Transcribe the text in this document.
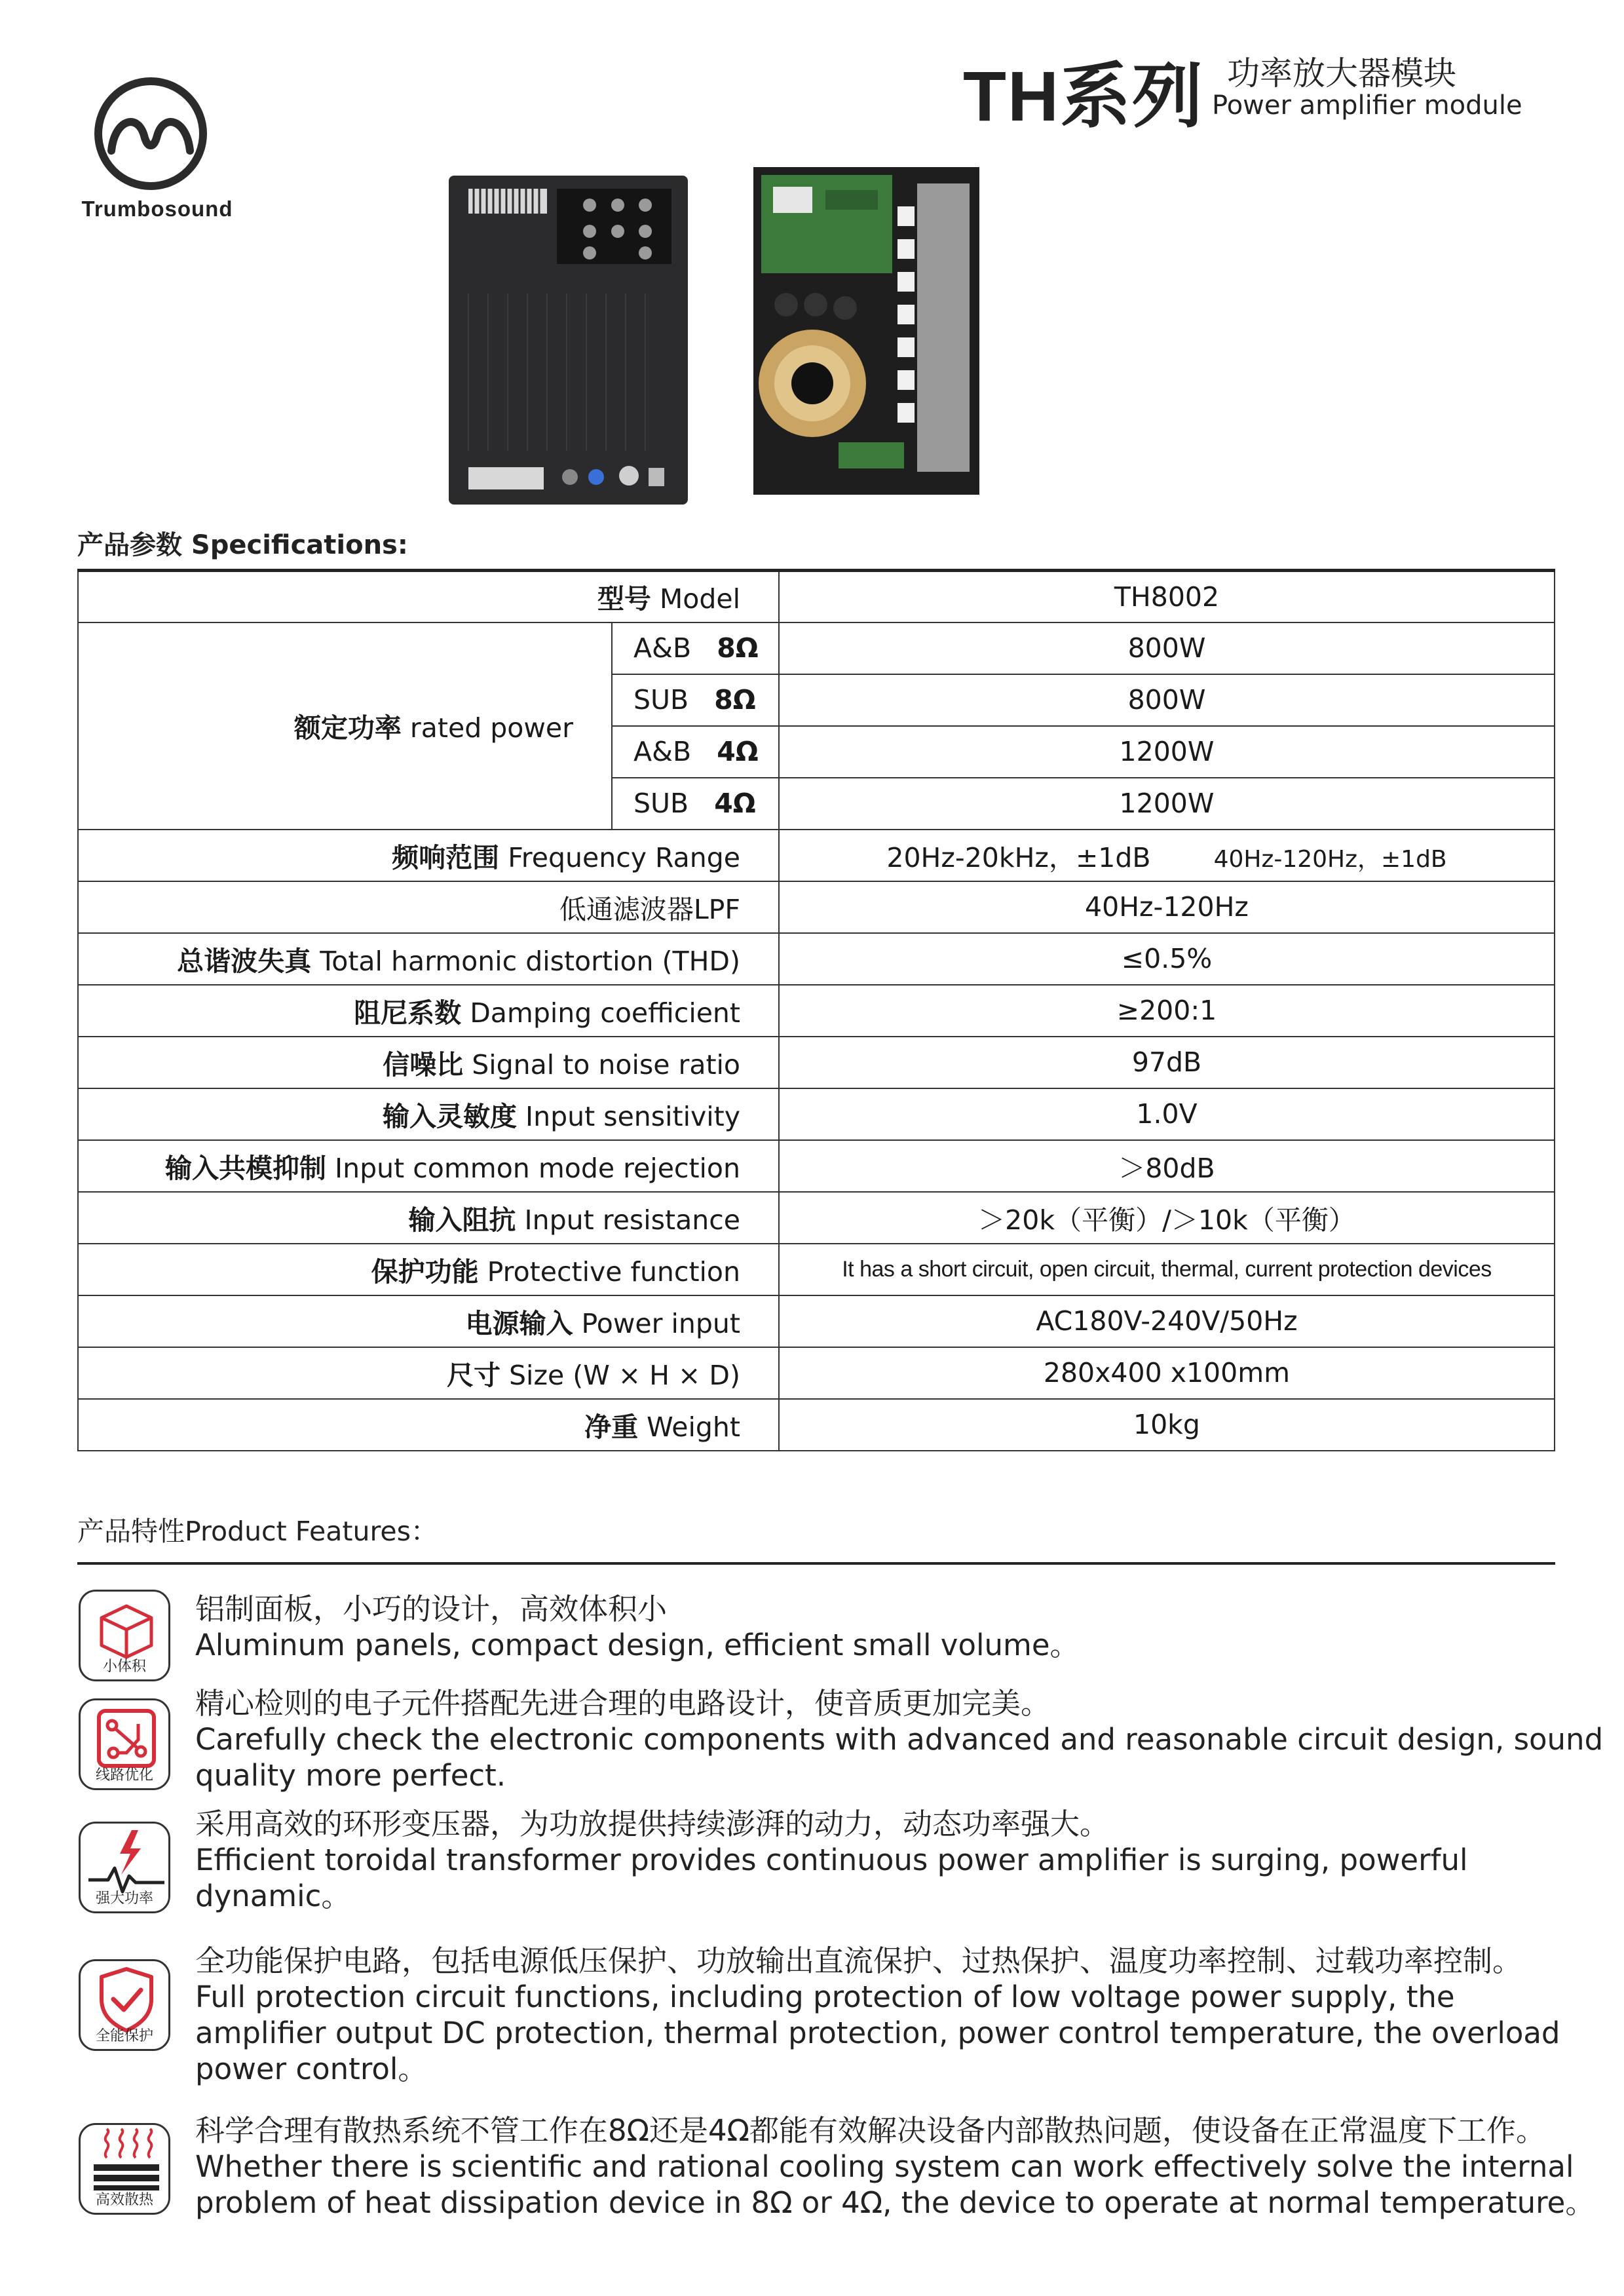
Trumbosound
TH系列 功率放大器模块
Power amplifier module
产品参数 Specifications:
型号 Model		TH8002
额定功率 rated power	A&B 8Ω	800W
	SUB 8Ω	800W
	A&B 4Ω	1200W
	SUB 4Ω	1200W
频响范围 Frequency Range		20Hz-20kHz，±1dB 40Hz-120Hz，±1dB
低通滤波器LPF		40Hz-120Hz
总谐波失真 Total harmonic distortion (THD)		≤0.5%
阻尼系数 Damping coefficient		≥200:1
信噪比 Signal to noise ratio		97dB
输入灵敏度 Input sensitivity		1.0V
输入共模抑制 Input common mode rejection		＞80dB
输入阻抗 Input resistance		＞20k（平衡）/＞10k（平衡）
保护功能 Protective function		It has a short circuit, open circuit, thermal, current protection devices
电源输入 Power input		AC180V-240V/50Hz
尺寸 Size (W × H × D)		280x400 x100mm
净重 Weight		10kg
产品特性Product Features：
小体积
铝制面板，小巧的设计，高效体积小
Aluminum panels, compact design, efficient small volume。
线路优化
精心检则的电子元件搭配先进合理的电路设计，使音质更加完美。
Carefully check the electronic components with advanced and reasonable circuit design, sound
quality more perfect.
强大功率
采用高效的环形变压器，为功放提供持续澎湃的动力，动态功率强大。
Efficient toroidal transformer provides continuous power amplifier is surging, powerful
dynamic。
全能保护
全功能保护电路，包括电源低压保护、功放输出直流保护、过热保护、温度功率控制、过载功率控制。
Full protection circuit functions, including protection of low voltage power supply, the
amplifier output DC protection, thermal protection, power control temperature, the overload
power control。
高效散热
科学合理有散热系统不管工作在8Ω还是4Ω都能有效解决设备内部散热问题，使设备在正常温度下工作。
Whether there is scientific and rational cooling system can work effectively solve the internal
problem of heat dissipation device in 8Ω or 4Ω, the device to operate at normal temperature。
